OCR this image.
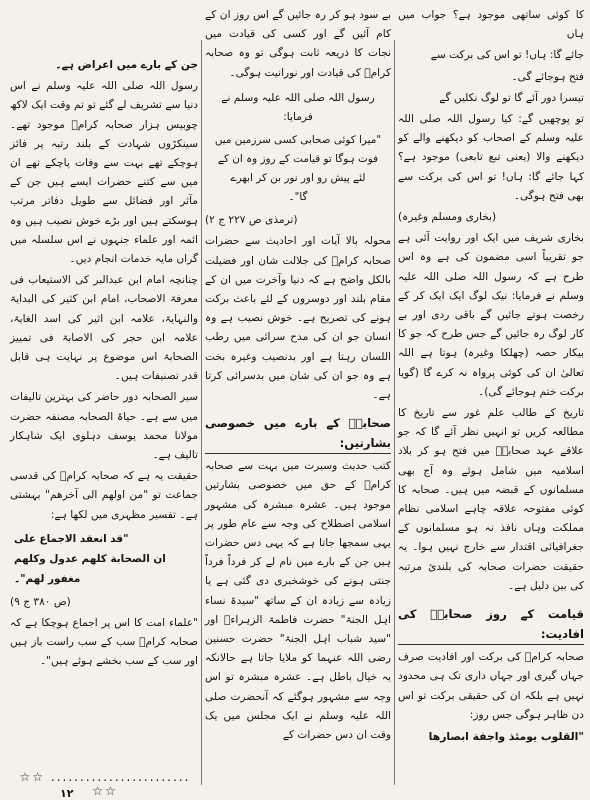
کا کوئی ساتھی موجود ہے؟ جواب میں ہاں

جائے گا: ہاں! تو اس کی برکت سے

فتح ہوجائے گی۔

تیسرا دور آئے گا تو لوگ نکلیں گے

تو پوچھیں گے: کیا رسول اللہ صلی اللہ علیہ وسلم کے اصحاب کو دیکھنے والے کو دیکھنے والا (یعنی تبع تابعی) موجود ہے؟ کہا جائے گا: ہاں! تو اس کی برکت سے بھی فتح ہوگی۔

(بخاری ومسلم وغیرہ)

بخاری شریف میں ایک اور روایت آئی ہے جو تقریباً اسی مضمون کی ہے وہ اس طرح ہے کہ رسول اللہ صلی اللہ علیہ وسلم نے فرمایا: نیک لوگ ایک ایک کر کے رخصت ہوتے جائیں گے باقی ردی اور بے کار لوگ رہ جائیں گے جس طرح کہ جو کا بیکار حصہ (چھلکا وغیرہ) ہوتا ہے اللہ تعالیٰ ان کی کوئی پرواہ نہ کرے گا (گویا برکت ختم ہوجائے گی)۔

تاریخ کے طالب علم غور سے تاریخ کا مطالعہ کریں تو انہیں نظر آئے گا کہ جو علاقے عہد صحابہؓ میں فتح ہو کر بلاد اسلامیہ میں شامل ہوئے وہ آج بھی مسلمانوں کے قبضہ میں ہیں۔ صحابہ کا کوئی مفتوحہ علاقہ چاہے اسلامی نظام مملکت وہاں نافذ نہ ہو مسلمانوں کے جغرافیائی اقتدار سے خارج نہیں ہوا۔ یہ حقیقت حضرات صحابہ کی بلندیٔ مرتبہ کی بین دلیل ہے۔

قیامت کے روز صحابہؓ کی افادیت:

صحابہ کرامؓ کی برکت اور افادیت صرف جہاں گیری اور جہاں داری تک ہی محدود نہیں ہے بلکہ ان کی حقیقی برکت تو اس دن ظاہر ہوگی جس روز:

"القلوب يومئذ واجفة ابصارها

بے سود ہو کر رہ جائیں گے اس روز ان کے کام آئیں گے اور کسی کی قیادت میں نجات کا ذریعہ ثابت ہوگی تو وہ صحابہ کرامؓ کی قیادت اور نورانیت ہوگی۔

رسول اللہ صلی اللہ علیہ وسلم نے فرمایا:

"میرا کوئی صحابی کسی سرزمین میں
فوت ہوگا تو قیامت کے روز وہ ان کے
لئے پیش رو اور نور بن کر ابھرے
گا"۔

(ترمذی ص ۲۲۷ ج ۲)

محولہ بالا آیات اور احادیث سے حضرات صحابہ کرامؓ کی جلالت شان اور فضیلت بالکل واضح ہے کہ دنیا وآخرت میں ان کے مقام بلند اور دوسروں کے لئے باعث برکت ہونے کی تصریح ہے۔ خوش نصیب ہے وہ انسان جو ان کی مدح سرائی میں رطب اللسان رہتا ہے اور بدنصیب وغیرہ بخت ہے وہ جو ان کی شان میں بدسرائی کرتا ہے۔

صحابہؓ کے بارے میں خصوصی بشارتیں:

کتب حدیث وسیرت میں بہت سے صحابہ کرامؓ کے حق میں خصوصی بشارتیں موجود ہیں۔ عشرہ مبشرہ کی مشہور اسلامی اصطلاح کی وجہ سے عام طور پر یہی سمجھا جاتا ہے کہ یہی دس حضرات ہیں جن کے بارے میں نام لے کر فرداً فرداً جنتی ہونے کی خوشخبری دی گئی ہے یا زیادہ سے زیادہ ان کے ساتھ "سیدۃ نساء اہل الجنۃ" حضرت فاطمۃ الزہراءؓ اور "سید شباب اہل الجنۃ" حضرت حسنین رضی اللہ عنہما کو ملایا جاتا ہے حالانکہ یہ خیال باطل ہے۔ عشرہ مبشرہ تو اس وجہ سے مشہور ہوگئے کہ آنحضرت صلی اللہ علیہ وسلم نے ایک مجلس میں یک وقت ان دس حضرات کے

جن کے بارے میں اعراض ہے۔

رسول اللہ صلی اللہ علیہ وسلم نے اس دنیا سے تشریف لے گئے تو تم وقت ایک لاکھ چوبیس ہزار صحابہ کرامؓ موجود تھے۔ سینکڑوں شہادت کے بلند رتبہ پر فائز ہوچکے تھے بہت سے وفات پاچکے تھے ان میں سے کتنے حضرات ایسے ہیں جن کے مآثر اور فضائل سے طویل دفاتر مرتب ہوسکتے ہیں اور بڑے خوش نصیب ہیں وہ ائمہ اور علماء جنہوں نے اس سلسلہ میں گراں مایہ خدمات انجام دیں۔

چنانچہ امام ابن عبدالبر کی الاستیعاب فی معرفۃ الاصحاب، امام ابن کثیر کی البدایۃ والنہایۃ، علامہ ابن اثیر کی اسد الغابۃ، علامہ ابن حجر کی الاصابۃ فی تمییز الصحابۃ اس موضوع پر نہایت ہی قابل قدر تصنیفات ہیں۔

سیر الصحابہ دور حاضر کی بہترین تالیفات میں سے ہے۔ حیاۃ الصحابہ مصنفہ حضرت مولانا محمد یوسف دہلوی ایک شاہکار تالیف ہے۔

حقیقت یہ ہے کہ صحابہ کرامؓ کی قدسی جماعت تو "من اولھم الی آخرھم" بہشتی ہے۔ تفسیر مظہری میں لکھا ہے:

"قد انعقد الاجماع على
ان الصحابة كلهم عدول وكلهم
مغفور لهم"۔

(ص ۳۸۰ ج ۹)

"علماء امت کا اس پر اجماع ہوچکا ہے کہ صحابہ کرامؓ سب کے سب راست باز ہیں اور سب کے سب بخشے ہوئے ہیں"۔

☆☆ ........................ ☆☆
۱۲
